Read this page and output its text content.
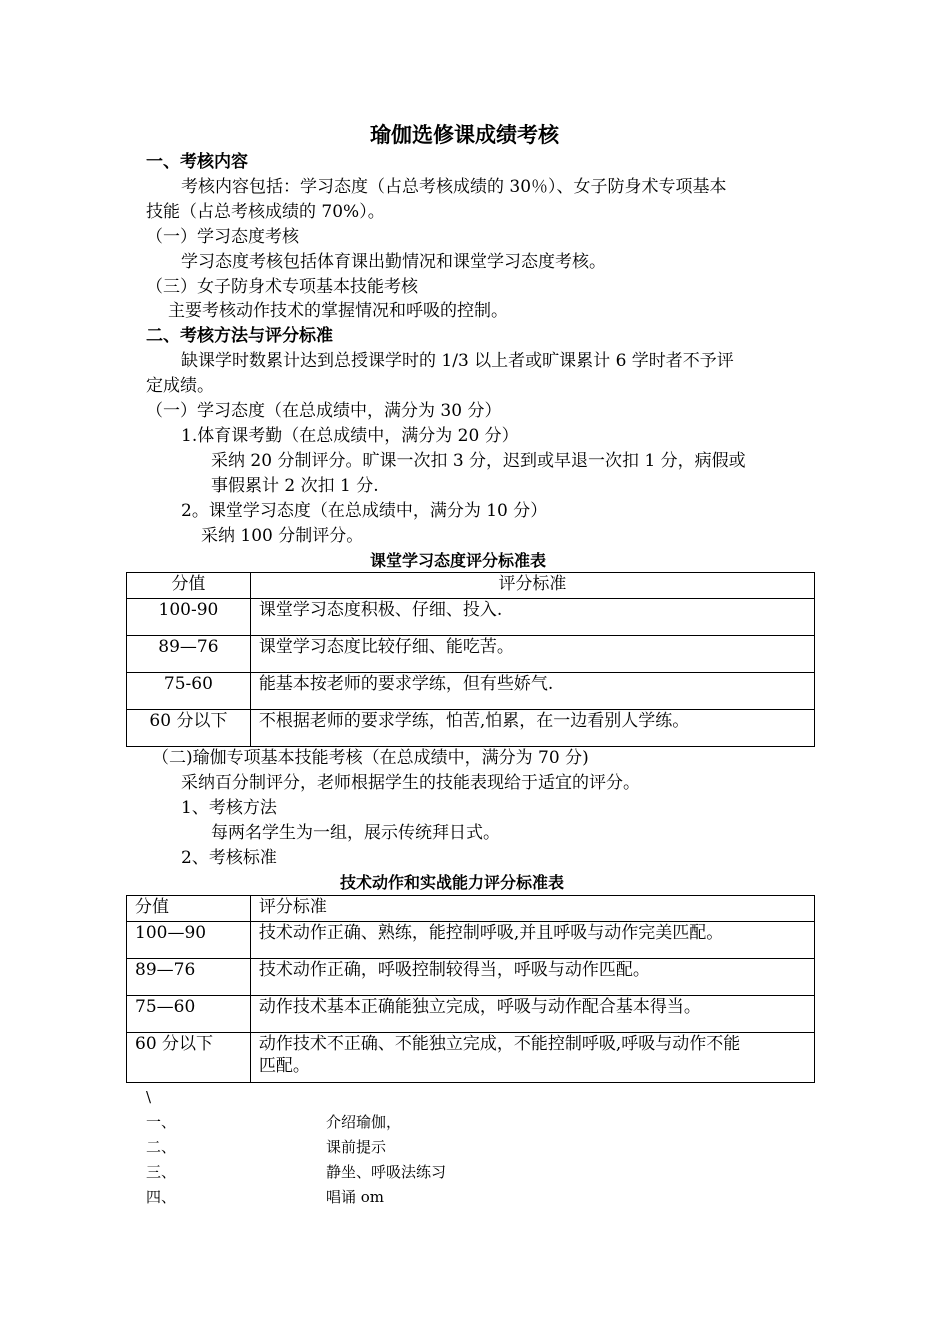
瑜伽选修课成绩考核
一、考核内容
考核内容包括：学习态度（占总考核成绩的 30％）、女子防身术专项基本
技能（占总考核成绩的 70%）。
（一）学习态度考核
学习态度考核包括体育课出勤情况和课堂学习态度考核。
（三）女子防身术专项基本技能考核
主要考核动作技术的掌握情况和呼吸的控制。
二、考核方法与评分标准
缺课学时数累计达到总授课学时的 1/3 以上者或旷课累计 6 学时者不予评
定成绩。
（一）学习态度（在总成绩中，满分为 30 分）
1.体育课考勤（在总成绩中，满分为 20 分）
采纳 20 分制评分。旷课一次扣 3 分，迟到或早退一次扣 1 分，病假或
事假累计 2 次扣 1 分.
2。课堂学习态度（在总成绩中，满分为 10 分）
采纳 100 分制评分。
课堂学习态度评分标准表
分值	评分标准
100-90	课堂学习态度积极、仔细、投入.
89—76	课堂学习态度比较仔细、能吃苦。
75-60	能基本按老师的要求学练，但有些娇气.
60 分以下	不根据老师的要求学练，怕苦,怕累，在一边看别人学练。
（二)瑜伽专项基本技能考核（在总成绩中，满分为 70 分)
采纳百分制评分，老师根据学生的技能表现给于适宜的评分。
1、考核方法
每两名学生为一组，展示传统拜日式。
2、考核标准
技术动作和实战能力评分标准表
分值	评分标准
100—90	技术动作正确、熟练，能控制呼吸,并且呼吸与动作完美匹配。
89—76	技术动作正确，呼吸控制较得当，呼吸与动作匹配。
75—60	动作技术基本正确能独立完成，呼吸与动作配合基本得当。
60 分以下	动作技术不正确、不能独立完成，不能控制呼吸,呼吸与动作不能
匹配。
\
一、	介绍瑜伽，
二、	课前提示
三、	静坐、呼吸法练习
四、	唱诵 om
